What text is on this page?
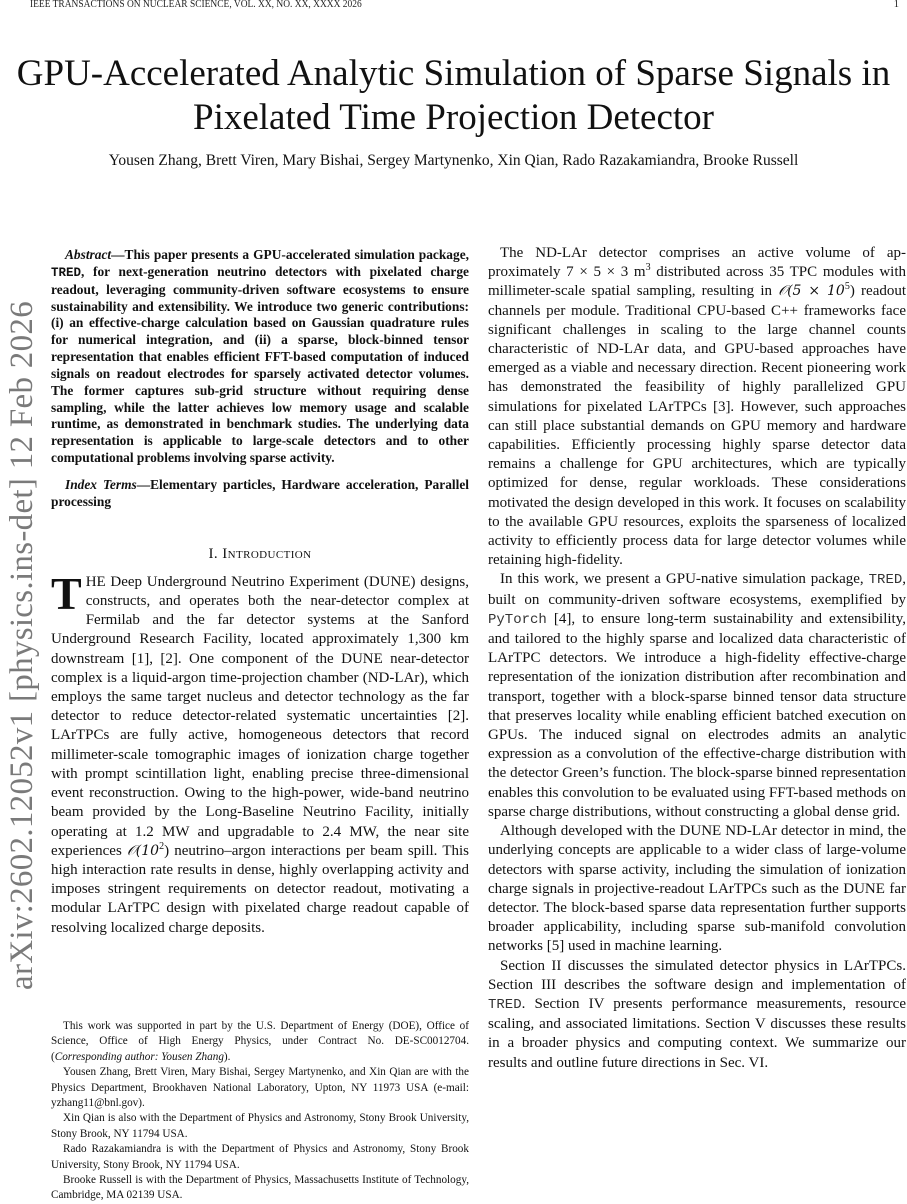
IEEE TRANSACTIONS ON NUCLEAR SCIENCE, VOL. XX, NO. XX, XXXX 2026	1
GPU-Accelerated Analytic Simulation of Sparse Signals in Pixelated Time Projection Detector
Yousen Zhang, Brett Viren, Mary Bishai, Sergey Martynenko, Xin Qian, Rado Razakamiandra, Brooke Russell
arXiv:2602.12052v1 [physics.ins-det] 12 Feb 2026

Abstract—This paper presents a GPU-accelerated simulation package, TRED, for next-generation neutrino detectors with pixelated charge readout, leveraging community-driven software ecosystems to ensure sustainability and extensibility. We introduce two generic contributions: (i) an effective-charge calculation based on Gaussian quadrature rules for numerical integration, and (ii) a sparse, block-binned tensor representation that enables efficient FFT-based computation of induced signals on readout electrodes for sparsely activated detector volumes. The former captures sub-grid structure without requiring dense sampling, while the latter achieves low memory usage and scalable runtime, as demonstrated in benchmark studies. The underlying data representation is applicable to large-scale detectors and to other computational problems involving sparse activity.

Index Terms—Elementary particles, Hardware acceleration, Parallel processing

I. Introduction

THE Deep Underground Neutrino Experiment (DUNE) designs, constructs, and operates both the near-detector complex at Fermilab and the far detector systems at the Sanford Underground Research Facility, located approximately 1,300 km downstream [1], [2]. One component of the DUNE near-detector complex is a liquid-argon time-projection chamber (ND-LAr), which employs the same target nucleus and detector technology as the far detector to reduce detector-related systematic uncertainties [2]. LArTPCs are fully active, homogeneous detectors that record millimeter-scale tomographic images of ionization charge together with prompt scintillation light, enabling precise three-dimensional event reconstruction. Owing to the high-power, wide-band neutrino beam provided by the Long-Baseline Neutrino Facility, initially operating at 1.2 MW and upgradable to 2.4 MW, the near site experiences $𝒪(10^2)$ neutrino–argon interactions per beam spill. This high interaction rate results in dense, highly overlapping activity and imposes stringent requirements on detector readout, motivating a modular LArTPC design with pixelated charge readout capable of resolving localized charge deposits.

This work was supported in part by the U.S. Department of Energy (DOE), Office of Science, Office of High Energy Physics, under Contract No. DE-SC0012704. (Corresponding author: Yousen Zhang).

Yousen Zhang, Brett Viren, Mary Bishai, Sergey Martynenko, and Xin Qian are with the Physics Department, Brookhaven National Laboratory, Upton, NY 11973 USA (e-mail: yzhang11@bnl.gov).

Xin Qian is also with the Department of Physics and Astronomy, Stony Brook University, Stony Brook, NY 11794 USA.

Rado Razakamiandra is with the Department of Physics and Astronomy, Stony Brook University, Stony Brook, NY 11794 USA.

Brooke Russell is with the Department of Physics, Massachusetts Institute of Technology, Cambridge, MA 02139 USA.

The ND-LAr detector comprises an active volume of approximately 7 × 5 × 3 $m^3$ distributed across 35 TPC modules with millimeter-scale spatial sampling, resulting in 𝒪(5 × $10^5$) readout channels per module. Traditional CPU-based C++ frameworks face significant challenges in scaling to the large channel counts characteristic of ND-LAr data, and GPU-based approaches have emerged as a viable and necessary direction. Recent pioneering work has demonstrated the feasibility of highly parallelized GPU simulations for pixelated LArTPCs [3]. However, such approaches can still place substantial demands on GPU memory and hardware capabilities. Efficiently processing highly sparse detector data remains a challenge for GPU architectures, which are typically optimized for dense, regular workloads. These considerations motivated the design developed in this work. It focuses on scalability to the available GPU resources, exploits the sparseness of localized activity to efficiently process data for large detector volumes while retaining high-fidelity.

In this work, we present a GPU-native simulation package, TRED, built on community-driven software ecosystems, exemplified by PyTorch [4], to ensure long-term sustainability and extensibility, and tailored to the highly sparse and localized data characteristic of LArTPC detectors. We introduce a high-fidelity effective-charge representation of the ionization distribution after recombination and transport, together with a block-sparse binned tensor data structure that preserves locality while enabling efficient batched execution on GPUs. The induced signal on electrodes admits an analytic expression as a convolution of the effective-charge distribution with the detector Green’s function. The block-sparse binned representation enables this convolution to be evaluated using FFT-based methods on sparse charge distributions, without constructing a global dense grid.

Although developed with the DUNE ND-LAr detector in mind, the underlying concepts are applicable to a wider class of large-volume detectors with sparse activity, including the simulation of ionization charge signals in projective-readout LArTPCs such as the DUNE far detector. The block-based sparse data representation further supports broader applicability, including sparse sub-manifold convolution networks [5] used in machine learning.

Section II discusses the simulated detector physics in LArTPCs. Section III describes the software design and implementation of TRED. Section IV presents performance measurements, resource scaling, and associated limitations. Section V discusses these results in a broader physics and computing context. We summarize our results and outline future directions in Sec. VI.
